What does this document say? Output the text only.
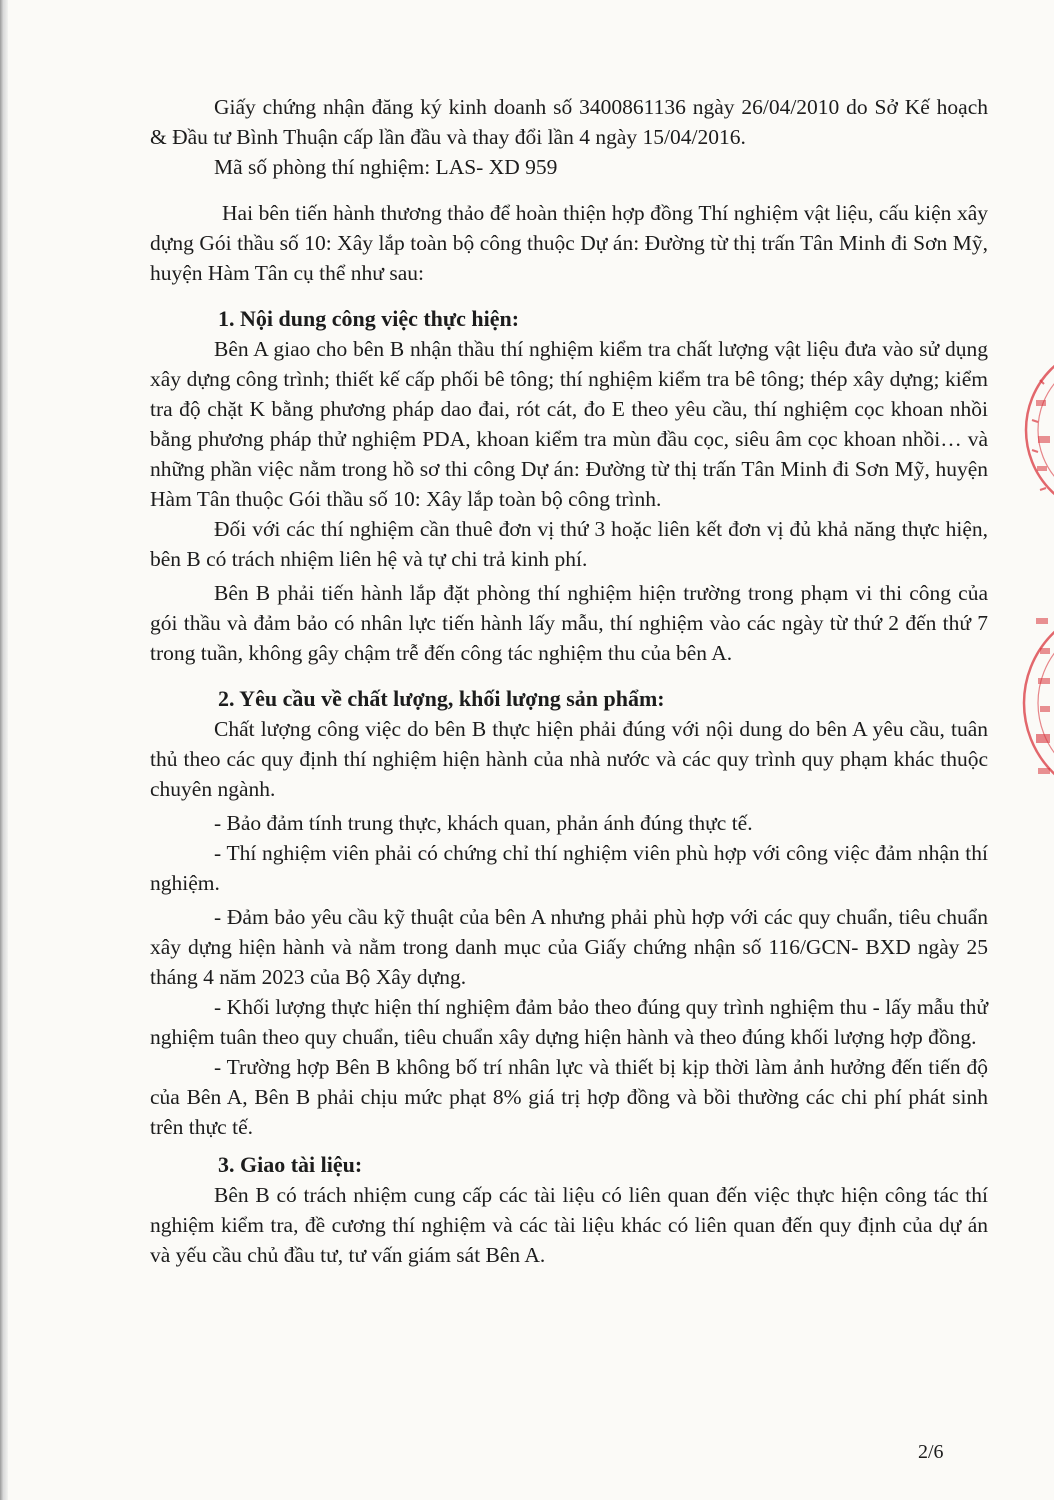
Giấy chứng nhận đăng ký kinh doanh số 3400861136 ngày 26/04/2010 do Sở Kế hoạch & Đầu tư Bình Thuận cấp lần đầu và thay đổi lần 4 ngày 15/04/2016.

Mã số phòng thí nghiệm: LAS- XD 959

Hai bên tiến hành thương thảo để hoàn thiện hợp đồng Thí nghiệm vật liệu, cấu kiện xây dựng Gói thầu số 10: Xây lắp toàn bộ công thuộc Dự án: Đường từ thị trấn Tân Minh đi Sơn Mỹ, huyện Hàm Tân cụ thể như sau:

1. Nội dung công việc thực hiện:

Bên A giao cho bên B nhận thầu thí nghiệm kiểm tra chất lượng vật liệu đưa vào sử dụng xây dựng công trình; thiết kế cấp phối bê tông; thí nghiệm kiểm tra bê tông; thép xây dựng; kiểm tra độ chặt K bằng phương pháp dao đai, rót cát, đo E theo yêu cầu, thí nghiệm cọc khoan nhồi bằng phương pháp thử nghiệm PDA, khoan kiểm tra mùn đầu cọc, siêu âm cọc khoan nhồi… và những phần việc nằm trong hồ sơ thi công Dự án: Đường từ thị trấn Tân Minh đi Sơn Mỹ, huyện Hàm Tân thuộc Gói thầu số 10: Xây lắp toàn bộ công trình.

Đối với các thí nghiệm cần thuê đơn vị thứ 3 hoặc liên kết đơn vị đủ khả năng thực hiện, bên B có trách nhiệm liên hệ và tự chi trả kinh phí.

Bên B phải tiến hành lắp đặt phòng thí nghiệm hiện trường trong phạm vi thi công của gói thầu và đảm bảo có nhân lực tiến hành lấy mẫu, thí nghiệm vào các ngày từ thứ 2 đến thứ 7 trong tuần, không gây chậm trễ đến công tác nghiệm thu của bên A.

2. Yêu cầu về chất lượng, khối lượng sản phẩm:

Chất lượng công việc do bên B thực hiện phải đúng với nội dung do bên A yêu cầu, tuân thủ theo các quy định thí nghiệm hiện hành của nhà nước và các quy trình quy phạm khác thuộc chuyên ngành.

- Bảo đảm tính trung thực, khách quan, phản ánh đúng thực tế.

- Thí nghiệm viên phải có chứng chỉ thí nghiệm viên phù hợp với công việc đảm nhận thí nghiệm.

- Đảm bảo yêu cầu kỹ thuật của bên A nhưng phải phù hợp với các quy chuẩn, tiêu chuẩn xây dựng hiện hành và nằm trong danh mục của Giấy chứng nhận số 116/GCN- BXD ngày 25 tháng 4 năm 2023 của Bộ Xây dựng.

- Khối lượng thực hiện thí nghiệm đảm bảo theo đúng quy trình nghiệm thu - lấy mẫu thử nghiệm tuân theo quy chuẩn, tiêu chuẩn xây dựng hiện hành và theo đúng khối lượng hợp đồng.

- Trường hợp Bên B không bố trí nhân lực và thiết bị kịp thời làm ảnh hưởng đến tiến độ của Bên A, Bên B phải chịu mức phạt 8% giá trị hợp đồng và bồi thường các chi phí phát sinh trên thực tế.

3. Giao tài liệu:

Bên B có trách nhiệm cung cấp các tài liệu có liên quan đến việc thực hiện công tác thí nghiệm kiểm tra, đề cương thí nghiệm và các tài liệu khác có liên quan đến quy định của dự án và yếu cầu chủ đầu tư, tư vấn giám sát Bên A.

2/6
